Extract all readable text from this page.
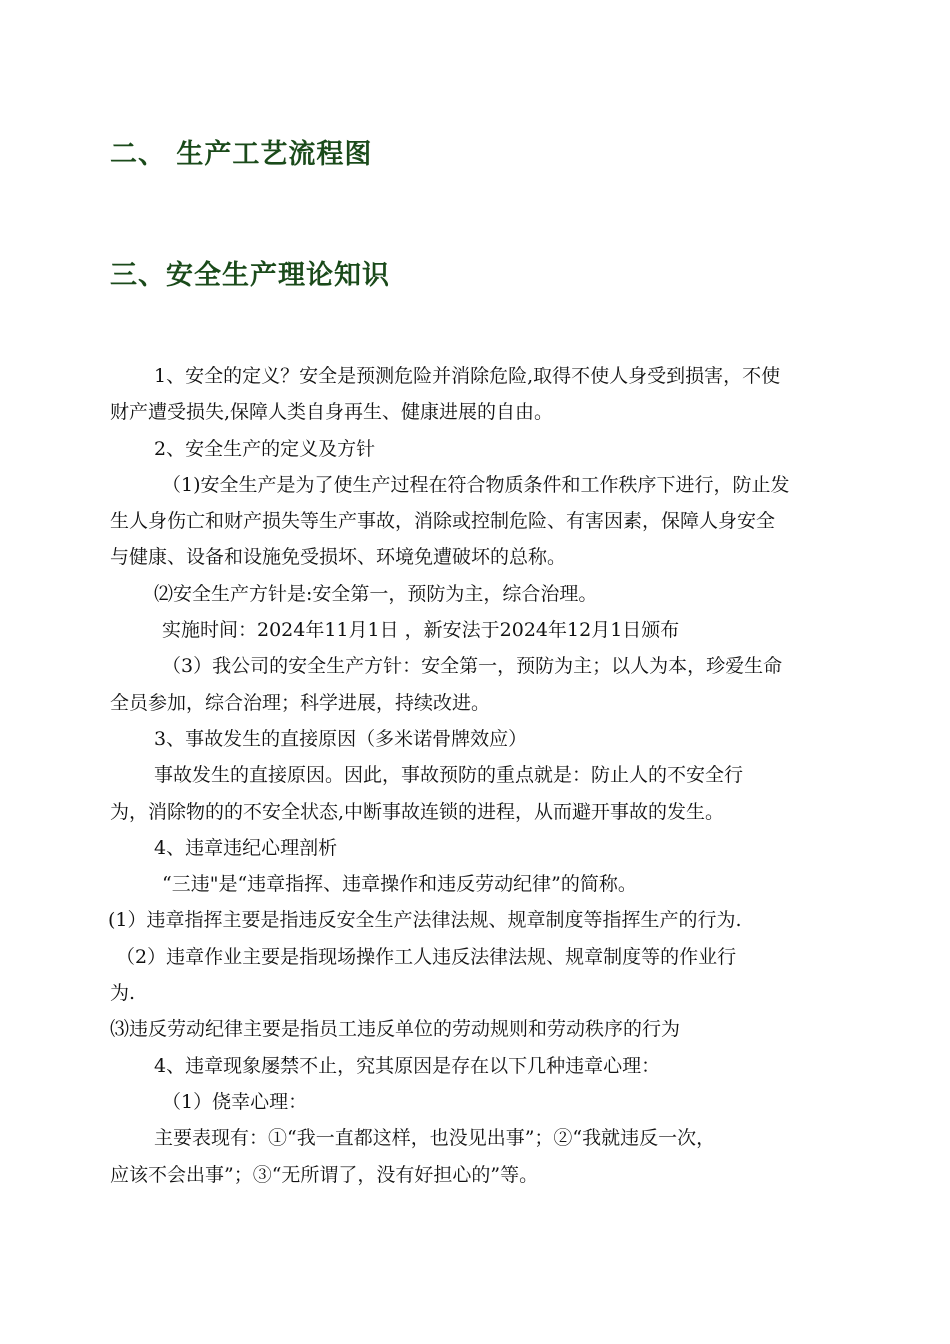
二、 生产工艺流程图
三、安全生产理论知识

1、安全的定义？安全是预测危险并消除危险,取得不使人身受到损害，不使

财产遭受损失,保障人类自身再生、健康进展的自由。

2、安全生产的定义及方针

（1)安全生产是为了使生产过程在符合物质条件和工作秩序下进行，防止发

生人身伤亡和财产损失等生产事故，消除或控制危险、有害因素，保障人身安全

与健康、设备和设施免受损坏、环境免遭破坏的总称。

⑵安全生产方针是:安全第一，预防为主，综合治理。

实施时间：2024年11月1日 ，新安法于2024年12月1日颁布

（3）我公司的安全生产方针：安全第一，预防为主；以人为本，珍爱生命

全员参加，综合治理；科学进展，持续改进。

3、事故发生的直接原因（多米诺骨牌效应）

事故发生的直接原因。因此，事故预防的重点就是：防止人的不安全行

为，消除物的的不安全状态,中断事故连锁的进程，从而避开事故的发生。

4、违章违纪心理剖析

“三违"是“违章指挥、违章操作和违反劳动纪律”的简称。

(1）违章指挥主要是指违反安全生产法律法规、规章制度等指挥生产的行为.

（2）违章作业主要是指现场操作工人违反法律法规、规章制度等的作业行

为.

⑶违反劳动纪律主要是指员工违反单位的劳动规则和劳动秩序的行为

4、违章现象屡禁不止，究其原因是存在以下几种违章心理：

（1）侥幸心理：

主要表现有：①“我一直都这样，也没见出事”；②“我就违反一次，

应该不会出事”；③“无所谓了，没有好担心的”等。
